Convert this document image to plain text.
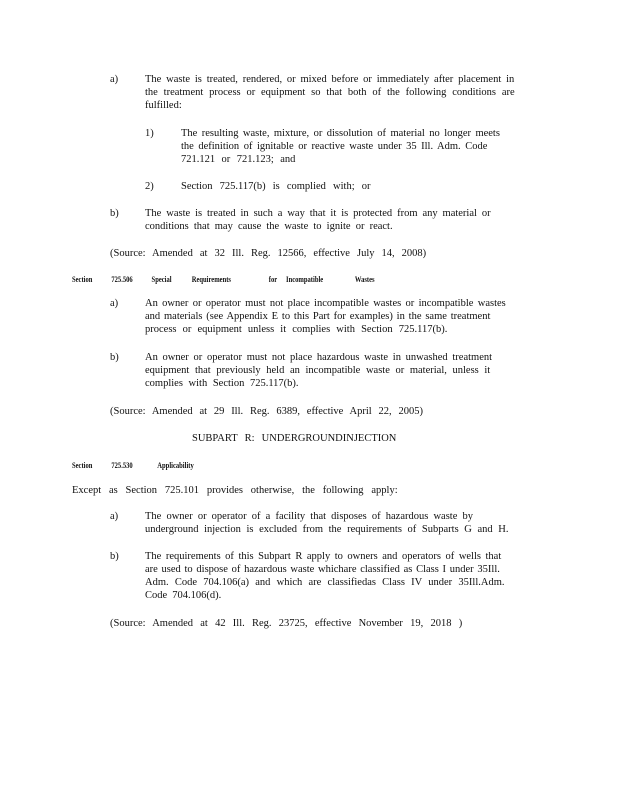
a)	The waste is treated, rendered, or mixed before or immediately after placement in
the treatment process or equipment so that both of the following conditions are
fulfilled:
1)	The resulting waste, mixture, or dissolution of material no longer meets
the definition of ignitable or reactive waste under 35 Ill. Adm. Code
721.121 or 721.123; and
2)	Section 725.117(b) is complied with; or
b)	The waste is treated in such a way that it is protected from any material or
conditions that may cause the waste to ignite or react.
(Source: Amended at 32 Ill. Reg. 12566, effective July 14, 2008)
Section 725.506 Special	Requirements	for Incompatible	Wastes
a)	An owner or operator must not place incompatible wastes or incompatible wastes
and materials (see Appendix E to this Part for examples) in the same treatment
process or equipment unless it complies with Section 725.117(b).
b)	An owner or operator must not place hazardous waste in unwashed treatment
equipment that previously held an incompatible waste or material, unless it
complies with Section 725.117(b).
(Source: Amended at 29 Ill. Reg. 6389, effective April 22, 2005)
SUBPART R: UNDERGROUNDINJECTION
Section 725.530	Applicability
Except as Section 725.101 provides otherwise, the following apply:
a)	The owner or operator of a facility that disposes of hazardous waste by
underground injection is excluded from the requirements of Subparts G and H.
b)	The requirements of this Subpart R apply to owners and operators of wells that
are used to dispose of hazardous waste whichare classified as Class I under 35Ill.
Adm. Code 704.106(a) and which are classifiedas Class IV under 35Ill.Adm.
Code 704.106(d).
(Source: Amended at 42 Ill. Reg. 23725, effective November 19, 2018 )
